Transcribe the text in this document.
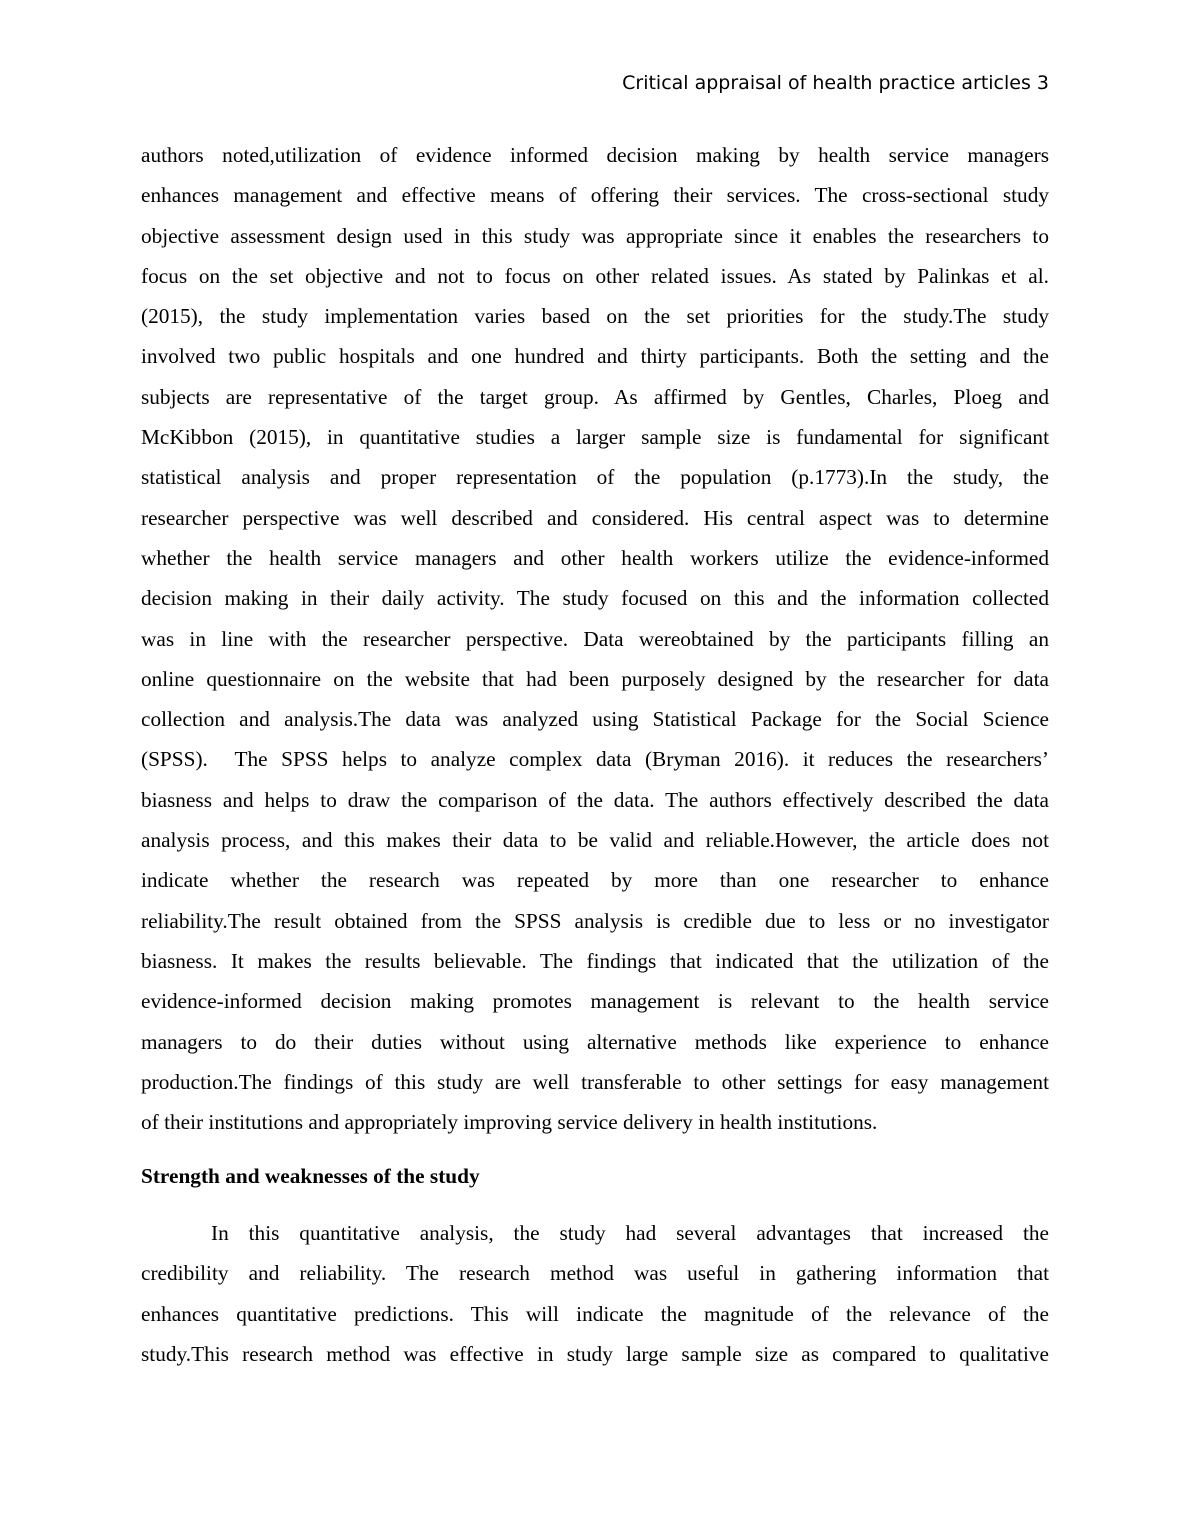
Critical appraisal of health practice articles 3
authors noted,utilization of evidence informed decision making by health service managers
enhances management and effective means of offering their services. The cross-sectional study
objective assessment design used in this study was appropriate since it enables the researchers to
focus on the set objective and not to focus on other related issues. As stated by Palinkas et al.
(2015), the study implementation varies based on the set priorities for the study.The study
involved two public hospitals and one hundred and thirty participants. Both the setting and the
subjects are representative of the target group. As affirmed by Gentles, Charles, Ploeg and
McKibbon (2015), in quantitative studies a larger sample size is fundamental for significant
statistical analysis and proper representation of the population (p.1773).In the study, the
researcher perspective was well described and considered. His central aspect was to determine
whether the health service managers and other health workers utilize the evidence-informed
decision making in their daily activity. The study focused on this and the information collected
was in line with the researcher perspective. Data wereobtained by the participants filling an
online questionnaire on the website that had been purposely designed by the researcher for data
collection and analysis.The data was analyzed using Statistical Package for the Social Science
(SPSS).  The SPSS helps to analyze complex data (Bryman 2016). it reduces the researchers’
biasness and helps to draw the comparison of the data. The authors effectively described the data
analysis process, and this makes their data to be valid and reliable.However, the article does not
indicate whether the research was repeated by more than one researcher to enhance
reliability.The result obtained from the SPSS analysis is credible due to less or no investigator
biasness. It makes the results believable. The findings that indicated that the utilization of the
evidence-informed decision making promotes management is relevant to the health service
managers to do their duties without using alternative methods like experience to enhance
production.The findings of this study are well transferable to other settings for easy management
of their institutions and appropriately improving service delivery in health institutions.
Strength and weaknesses of the study
In this quantitative analysis, the study had several advantages that increased the
credibility and reliability. The research method was useful in gathering information that
enhances quantitative predictions. This will indicate the magnitude of the relevance of the
study.This research method was effective in study large sample size as compared to qualitative
